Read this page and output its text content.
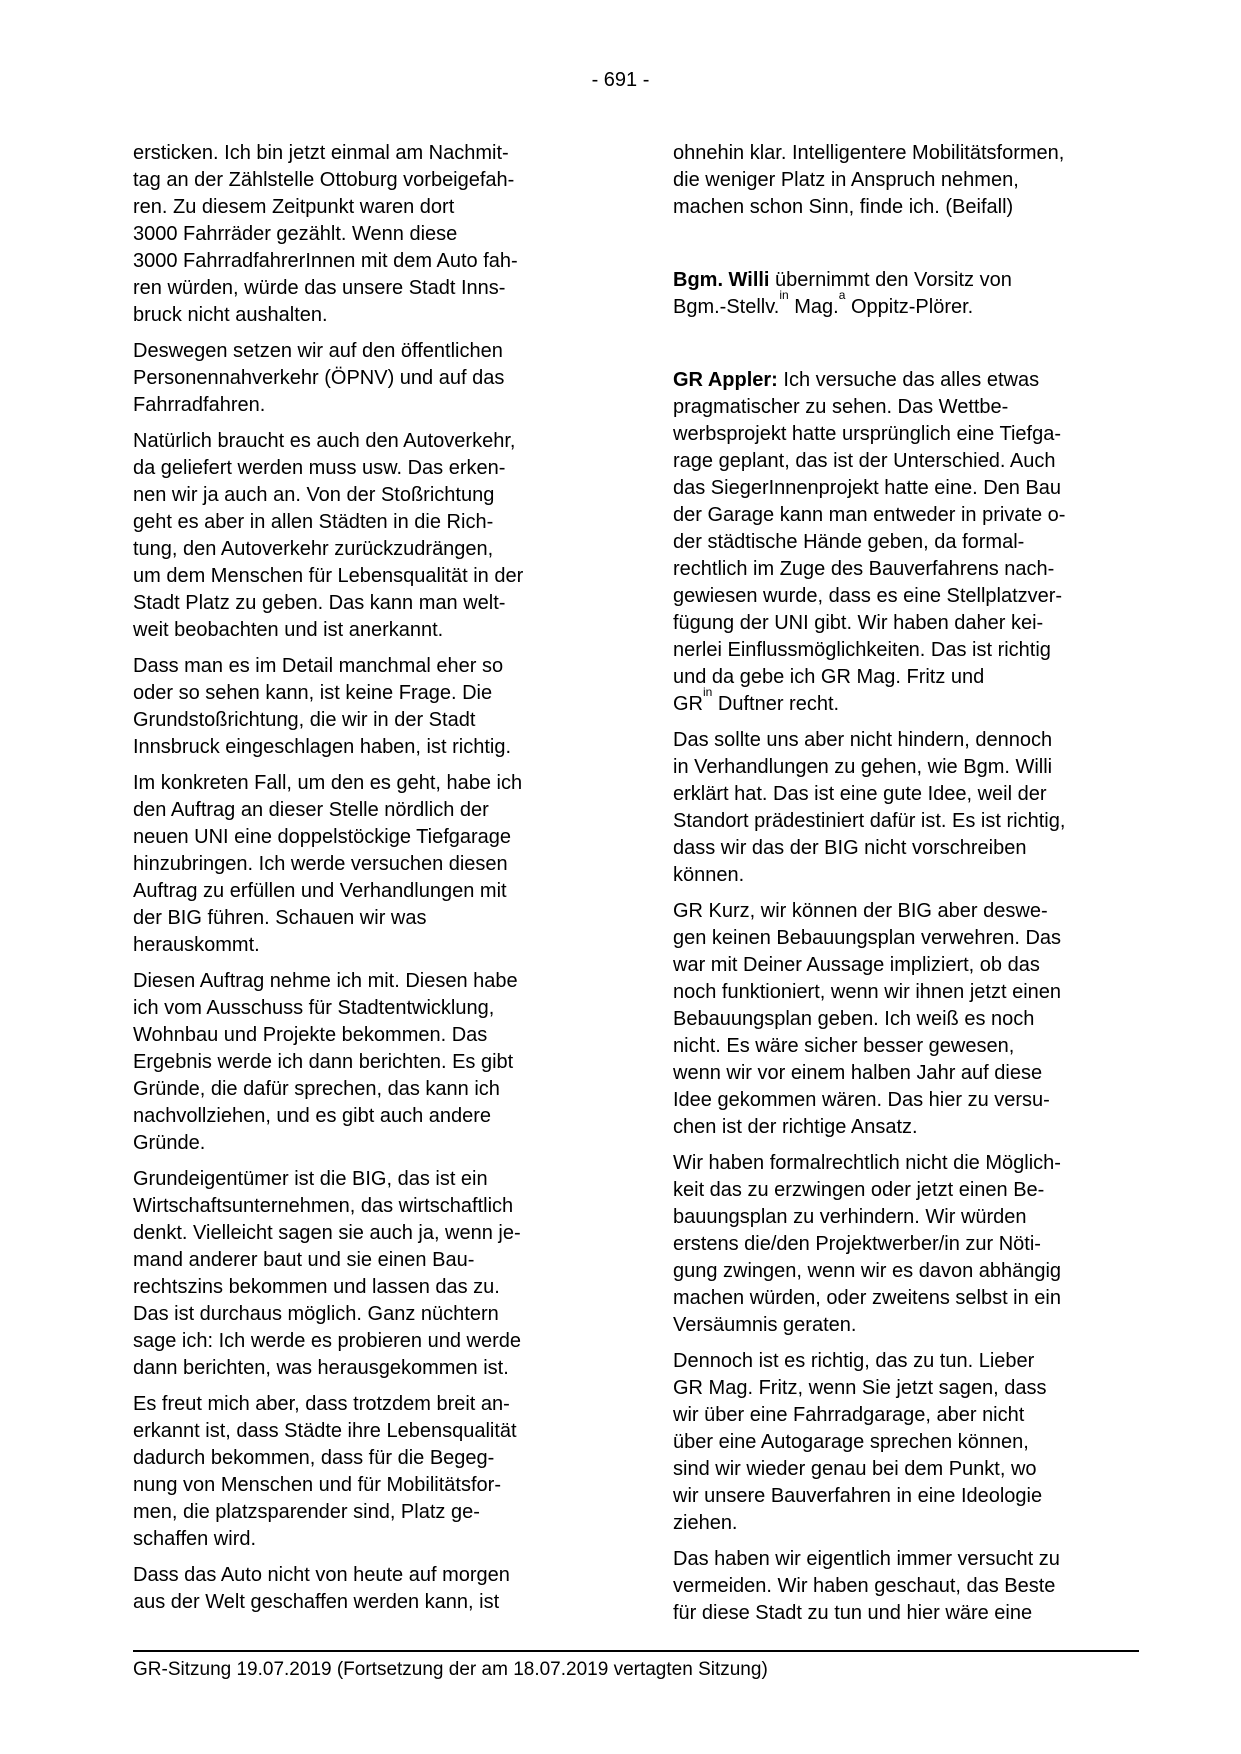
- 691 -
ersticken. Ich bin jetzt einmal am Nachmit-
tag an der Zählstelle Ottoburg vorbeigefah-
ren. Zu diesem Zeitpunkt waren dort
3000 Fahrräder gezählt. Wenn diese
3000 FahrradfahrerInnen mit dem Auto fah-
ren würden, würde das unsere Stadt Inns-
bruck nicht aushalten.
Deswegen setzen wir auf den öffentlichen
Personennahverkehr (ÖPNV) und auf das
Fahrradfahren.
Natürlich braucht es auch den Autoverkehr,
da geliefert werden muss usw. Das erken-
nen wir ja auch an. Von der Stoßrichtung
geht es aber in allen Städten in die Rich-
tung, den Autoverkehr zurückzudrängen,
um dem Menschen für Lebensqualität in der
Stadt Platz zu geben. Das kann man welt-
weit beobachten und ist anerkannt.
Dass man es im Detail manchmal eher so
oder so sehen kann, ist keine Frage. Die
Grundstoßrichtung, die wir in der Stadt
Innsbruck eingeschlagen haben, ist richtig.
Im konkreten Fall, um den es geht, habe ich
den Auftrag an dieser Stelle nördlich der
neuen UNI eine doppelstöckige Tiefgarage
hinzubringen. Ich werde versuchen diesen
Auftrag zu erfüllen und Verhandlungen mit
der BIG führen. Schauen wir was
herauskommt.
Diesen Auftrag nehme ich mit. Diesen habe
ich vom Ausschuss für Stadtentwicklung,
Wohnbau und Projekte bekommen. Das
Ergebnis werde ich dann berichten. Es gibt
Gründe, die dafür sprechen, das kann ich
nachvollziehen, und es gibt auch andere
Gründe.
Grundeigentümer ist die BIG, das ist ein
Wirtschaftsunternehmen, das wirtschaftlich
denkt. Vielleicht sagen sie auch ja, wenn je-
mand anderer baut und sie einen Bau-
rechtszins bekommen und lassen das zu.
Das ist durchaus möglich. Ganz nüchtern
sage ich: Ich werde es probieren und werde
dann berichten, was herausgekommen ist.
Es freut mich aber, dass trotzdem breit an-
erkannt ist, dass Städte ihre Lebensqualität
dadurch bekommen, dass für die Begeg-
nung von Menschen und für Mobilitätsfor-
men, die platzsparender sind, Platz ge-
schaffen wird.
Dass das Auto nicht von heute auf morgen
aus der Welt geschaffen werden kann, ist
ohnehin klar. Intelligentere Mobilitätsformen,
die weniger Platz in Anspruch nehmen,
machen schon Sinn, finde ich. (Beifall)
Bgm. Willi übernimmt den Vorsitz von
Bgm.-Stellv.$^{in}$ Mag.$^a$ Oppitz-Plörer.
GR Appler: Ich versuche das alles etwas
pragmatischer zu sehen. Das Wettbe-
werbsprojekt hatte ursprünglich eine Tiefga-
rage geplant, das ist der Unterschied. Auch
das SiegerInnenprojekt hatte eine. Den Bau
der Garage kann man entweder in private o-
der städtische Hände geben, da formal-
rechtlich im Zuge des Bauverfahrens nach-
gewiesen wurde, dass es eine Stellplatzver-
fügung der UNI gibt. Wir haben daher kei-
nerlei Einflussmöglichkeiten. Das ist richtig
und da gebe ich GR Mag. Fritz und
$GR^{in}$ Duftner recht.
Das sollte uns aber nicht hindern, dennoch
in Verhandlungen zu gehen, wie Bgm. Willi
erklärt hat. Das ist eine gute Idee, weil der
Standort prädestiniert dafür ist. Es ist richtig,
dass wir das der BIG nicht vorschreiben
können.
GR Kurz, wir können der BIG aber deswe-
gen keinen Bebauungsplan verwehren. Das
war mit Deiner Aussage impliziert, ob das
noch funktioniert, wenn wir ihnen jetzt einen
Bebauungsplan geben. Ich weiß es noch
nicht. Es wäre sicher besser gewesen,
wenn wir vor einem halben Jahr auf diese
Idee gekommen wären. Das hier zu versu-
chen ist der richtige Ansatz.
Wir haben formalrechtlich nicht die Möglich-
keit das zu erzwingen oder jetzt einen Be-
bauungsplan zu verhindern. Wir würden
erstens die/den Projektwerber/in zur Nöti-
gung zwingen, wenn wir es davon abhängig
machen würden, oder zweitens selbst in ein
Versäumnis geraten.
Dennoch ist es richtig, das zu tun. Lieber
GR Mag. Fritz, wenn Sie jetzt sagen, dass
wir über eine Fahrradgarage, aber nicht
über eine Autogarage sprechen können,
sind wir wieder genau bei dem Punkt, wo
wir unsere Bauverfahren in eine Ideologie
ziehen.
Das haben wir eigentlich immer versucht zu
vermeiden. Wir haben geschaut, das Beste
für diese Stadt zu tun und hier wäre eine
GR-Sitzung 19.07.2019 (Fortsetzung der am 18.07.2019 vertagten Sitzung)
